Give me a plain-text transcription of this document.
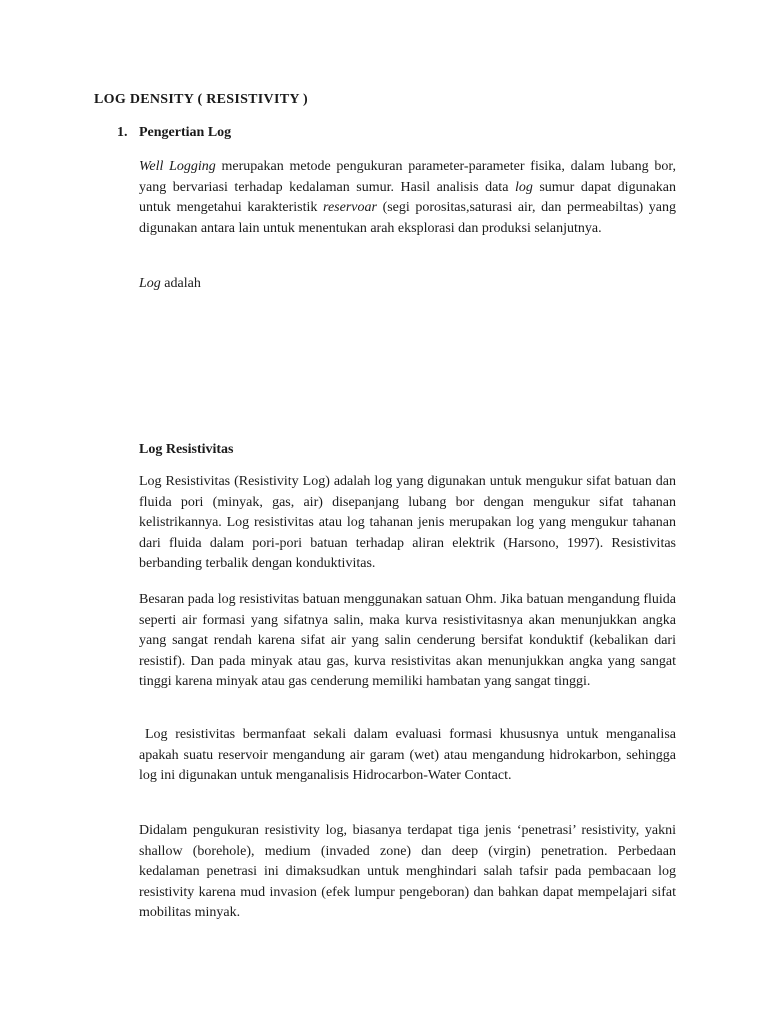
LOG DENSITY ( RESISTIVITY )
1. Pengertian Log

Well Logging merupakan metode pengukuran parameter-parameter fisika, dalam lubang bor, yang bervariasi terhadap kedalaman sumur. Hasil analisis data log sumur dapat digunakan untuk mengetahui karakteristik reservoar (segi porositas,saturasi air, dan permeabiltas) yang digunakan antara lain untuk menentukan arah eksplorasi dan produksi selanjutnya.

Log adalah

Log Resistivitas

Log Resistivitas (Resistivity Log) adalah log yang digunakan untuk mengukur sifat batuan dan fluida pori (minyak, gas, air) disepanjang lubang bor dengan mengukur sifat tahanan kelistrikannya. Log resistivitas atau log tahanan jenis merupakan log yang mengukur tahanan dari fluida dalam pori-pori batuan terhadap aliran elektrik (Harsono, 1997). Resistivitas berbanding terbalik dengan konduktivitas.

Besaran pada log resistivitas batuan menggunakan satuan Ohm. Jika batuan mengandung fluida seperti air formasi yang sifatnya salin, maka kurva resistivitasnya akan menunjukkan angka yang sangat rendah karena sifat air yang salin cenderung bersifat konduktif (kebalikan dari resistif). Dan pada minyak atau gas, kurva resistivitas akan menunjukkan angka yang sangat tinggi karena minyak atau gas cenderung memiliki hambatan yang sangat tinggi.

Log resistivitas bermanfaat sekali dalam evaluasi formasi khususnya untuk menganalisa apakah suatu reservoir mengandung air garam (wet) atau mengandung hidrokarbon, sehingga log ini digunakan untuk menganalisis Hidrocarbon-Water Contact.

Didalam pengukuran resistivity log, biasanya terdapat tiga jenis ‘penetrasi’ resistivity, yakni shallow (borehole), medium (invaded zone) dan deep (virgin) penetration. Perbedaan kedalaman penetrasi ini dimaksudkan untuk menghindari salah tafsir pada pembacaan log resistivity karena mud invasion (efek lumpur pengeboran) dan bahkan dapat mempelajari sifat mobilitas minyak.
